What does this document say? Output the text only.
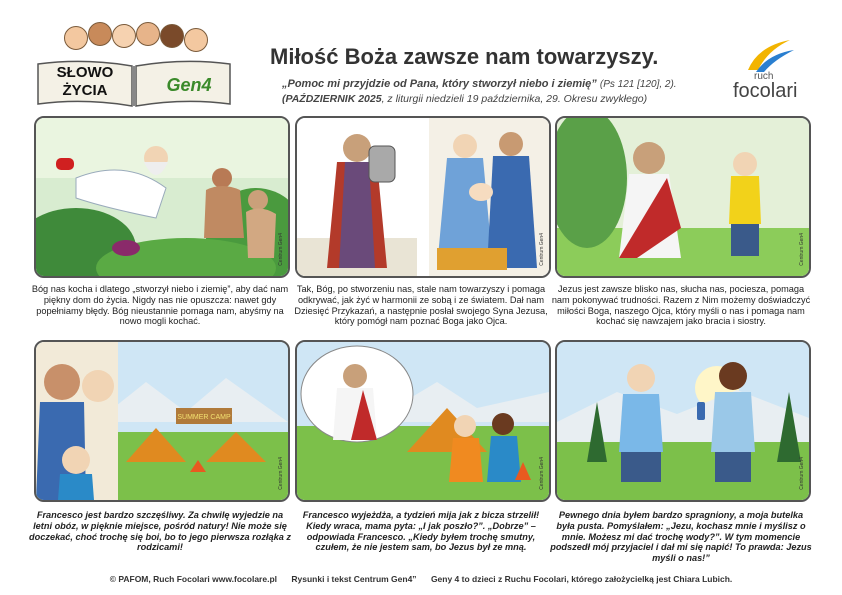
SŁOWO
ŻYCIA	Gen4
Miłość Boża zawsze nam towarzyszy.
„Pomoc mi przyjdzie od Pana, który stworzył niebo i ziemię” (Ps 121 [120], 2).
(PAŹDZIERNIK 2025, z liturgii niedzieli 19 października, 29. Okresu zwykłego)
ruch
focolari
Centrum Gen4	Centrum Gen4	Centrum Gen4
Bóg nas kocha i dlatego „stworzył niebo i ziemię”, aby dać nam piękny dom do życia. Nigdy nas nie opuszcza: nawet gdy popełniamy błędy. Bóg nieustannie pomaga nam, abyśmy na nowo mogli kochać.
Tak, Bóg, po stworzeniu nas, stale nam towarzyszy i pomaga odkrywać, jak żyć w harmonii ze sobą i ze światem. Dał nam Dziesięć Przykazań, a następnie posłał swojego Syna Jezusa, który pomógł nam poznać Boga jako Ojca.
Jezus jest zawsze blisko nas, słucha nas, pociesza, pomaga nam pokonywać trudności. Razem z Nim możemy doświadczyć miłości Boga, naszego Ojca, który myśli o nas i pomaga nam kochać się nawzajem jako bracia i siostry.
SUMMER CAMP
Centrum Gen4	Centrum Gen4	Centrum Gen4
Francesco jest bardzo szczęśliwy. Za chwilę wyjedzie na letni obóz, w pięknie miejsce, pośród natury! Nie może się doczekać, choć trochę się boi, bo to jego pierwsza rozłąka z rodzicami!
Francesco wyjeżdża, a tydzień mija jak z bicza strzelił! Kiedy wraca, mama pyta: „I jak poszło?”. „Dobrze” – odpowiada Francesco. „Kiedy byłem trochę smutny, czułem, że nie jestem sam, bo Jezus był ze mną.
Pewnego dnia byłem bardzo spragniony, a moja butelka była pusta. Pomyślałem: „Jezu, kochasz mnie i myślisz o mnie. Możesz mi dać trochę wody?”. W tym momencie podszedł mój przyjaciel i dał mi się napić! To prawda: Jezus myśli o nas!”
© PAFOM, Ruch Focolari www.focolare.pl Rysunki i tekst Centrum Gen4” Geny 4 to dzieci z Ruchu Focolari, którego założycielką jest Chiara Lubich.
